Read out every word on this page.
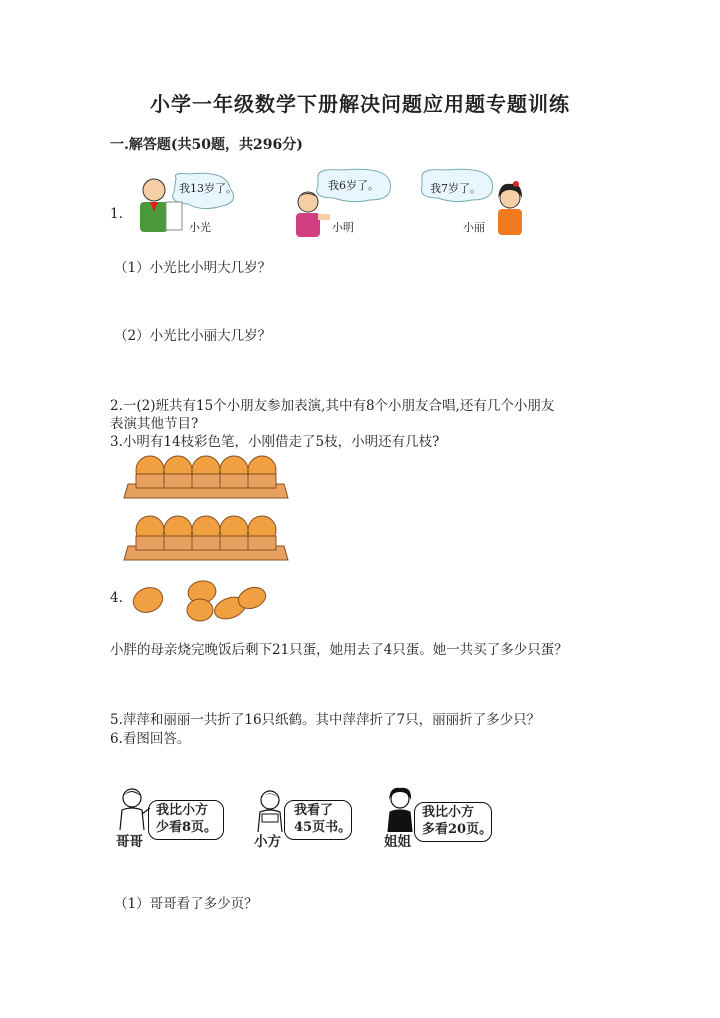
小学一年级数学下册解决问题应用题专题训练
一.解答题(共50题，共296分)
1.
我13岁了。
小光
我6岁了。
小明
我7岁了。
小丽
（1）小光比小明大几岁？
（2）小光比小丽大几岁？
2.一(2)班共有15个小朋友参加表演,其中有8个小朋友合唱,还有几个小朋友
表演其他节目?
3.小明有14枝彩色笔，小刚借走了5枝，小明还有几枝?
4.
小胖的母亲烧完晚饭后剩下21只蛋，她用去了4只蛋。她一共买了多少只蛋？
5.萍萍和丽丽一共折了16只纸鹤。其中萍萍折了7只，丽丽折了多少只？
6.看图回答。
我比小方
少看8页。
哥哥
我看了
45页书。
小方
我比小方
多看20页。
姐姐
（1）哥哥看了多少页？
